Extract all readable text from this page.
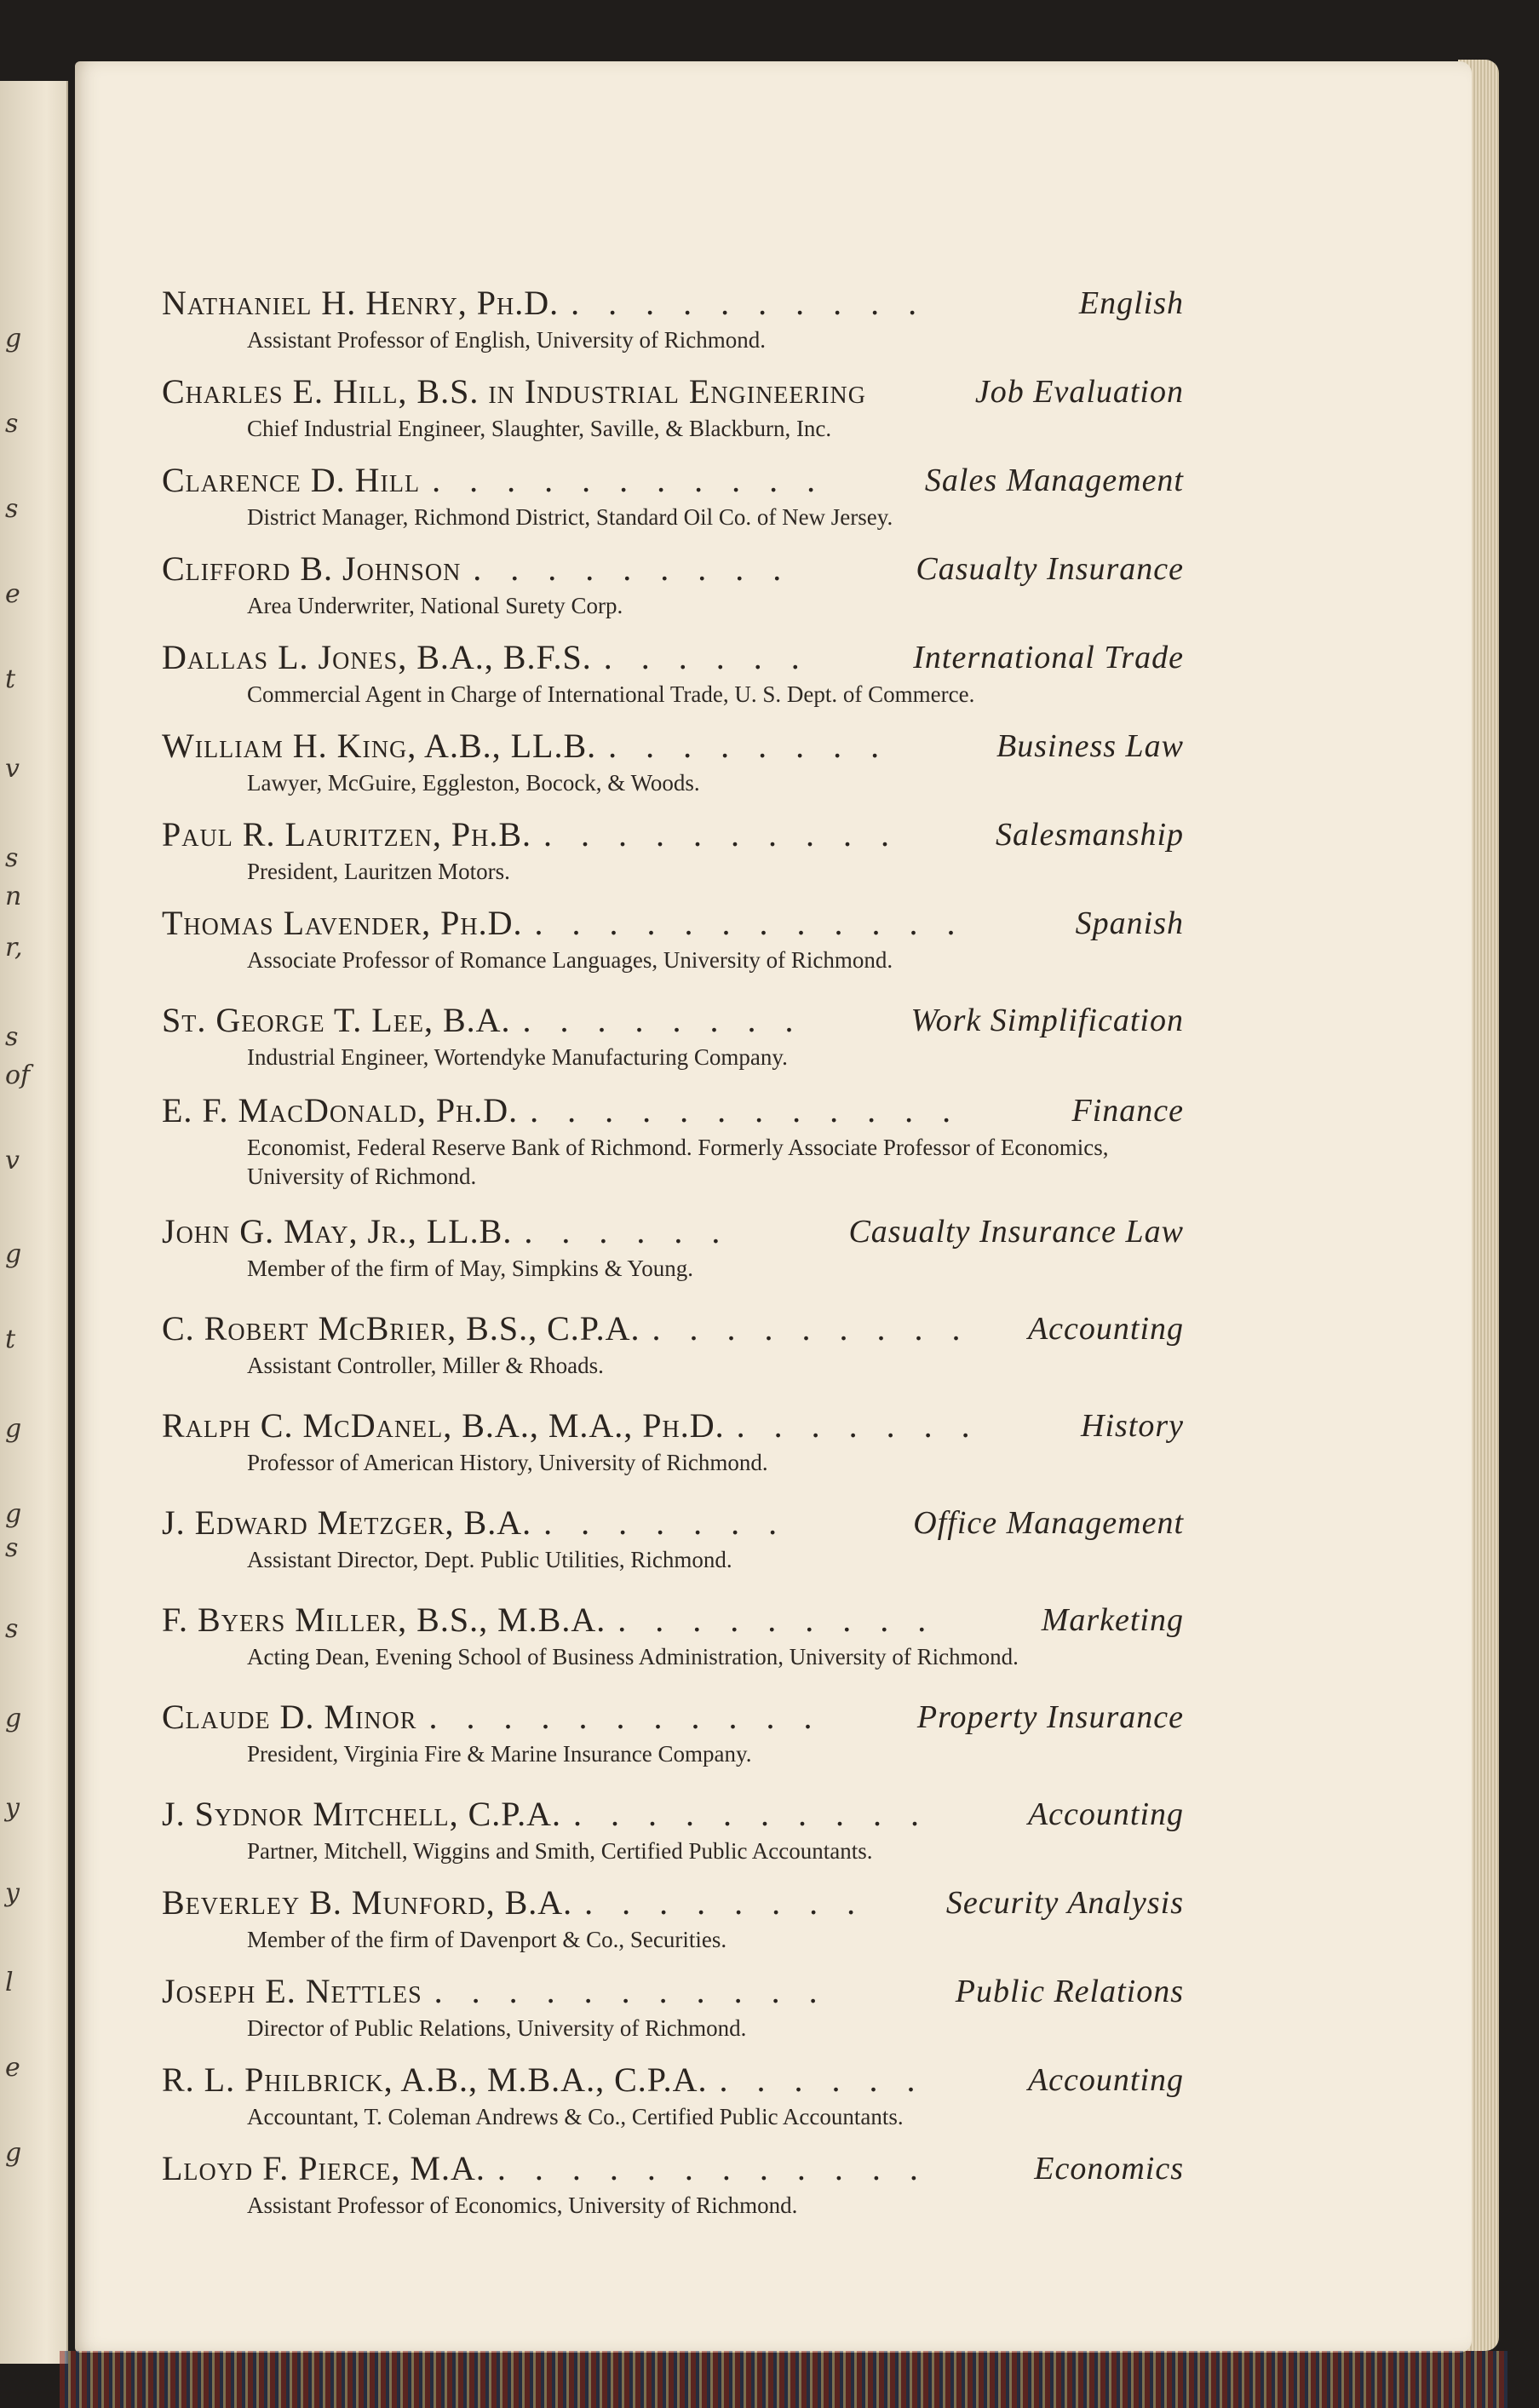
g
s
s
e
t
v
s
n
r,
s
of
v
g
t
g
g
s
s
g
y
y
l
e
g
Nathaniel H. Henry, Ph.D. . . . . . . . . . .	English
Assistant Professor of English, University of Richmond.
Charles E. Hill, B.S. in Industrial Engineering	Job Evaluation
Chief Industrial Engineer, Slaughter, Saville, & Blackburn, Inc.
Clarence D. Hill . . . . . . . . . . .	Sales Management
District Manager, Richmond District, Standard Oil Co. of New Jersey.
Clifford B. Johnson . . . . . . . . .	Casualty Insurance
Area Underwriter, National Surety Corp.
Dallas L. Jones, B.A., B.F.S. . . . . . .	International Trade
Commercial Agent in Charge of International Trade, U. S. Dept. of Commerce.
William H. King, A.B., LL.B. . . . . . . . .	Business Law
Lawyer, McGuire, Eggleston, Bocock, & Woods.
Paul R. Lauritzen, Ph.B. . . . . . . . . . .	Salesmanship
President, Lauritzen Motors.
Thomas Lavender, Ph.D. . . . . . . . . . . . .	Spanish
Associate Professor of Romance Languages, University of Richmond.
St. George T. Lee, B.A. . . . . . . . .	Work Simplification
Industrial Engineer, Wortendyke Manufacturing Company.
E. F. MacDonald, Ph.D. . . . . . . . . . . . .	Finance
Economist, Federal Reserve Bank of Richmond. Formerly Associate Professor of Economics, University of Richmond.
John G. May, Jr., LL.B. . . . . . .	Casualty Insurance Law
Member of the firm of May, Simpkins & Young.
C. Robert McBrier, B.S., C.P.A. . . . . . . . . . Accounting
Assistant Controller, Miller & Rhoads.
Ralph C. McDanel, B.A., M.A., Ph.D. . . . . . . .	History
Professor of American History, University of Richmond.
J. Edward Metzger, B.A. . . . . . . .	Office Management
Assistant Director, Dept. Public Utilities, Richmond.
F. Byers Miller, B.S., M.B.A. . . . . . . . . .	Marketing
Acting Dean, Evening School of Business Administration, University of Richmond.
Claude D. Minor . . . . . . . . . . .	Property Insurance
President, Virginia Fire & Marine Insurance Company.
J. Sydnor Mitchell, C.P.A. . . . . . . . . . .	Accounting
Partner, Mitchell, Wiggins and Smith, Certified Public Accountants.
Beverley B. Munford, B.A. . . . . . . . . Security Analysis
Member of the firm of Davenport & Co., Securities.
Joseph E. Nettles . . . . . . . . . . .	Public Relations
Director of Public Relations, University of Richmond.
R. L. Philbrick, A.B., M.B.A., C.P.A. . . . . . .	Accounting
Accountant, T. Coleman Andrews & Co., Certified Public Accountants.
Lloyd F. Pierce, M.A. . . . . . . . . . . . .	Economics
Assistant Professor of Economics, University of Richmond.
